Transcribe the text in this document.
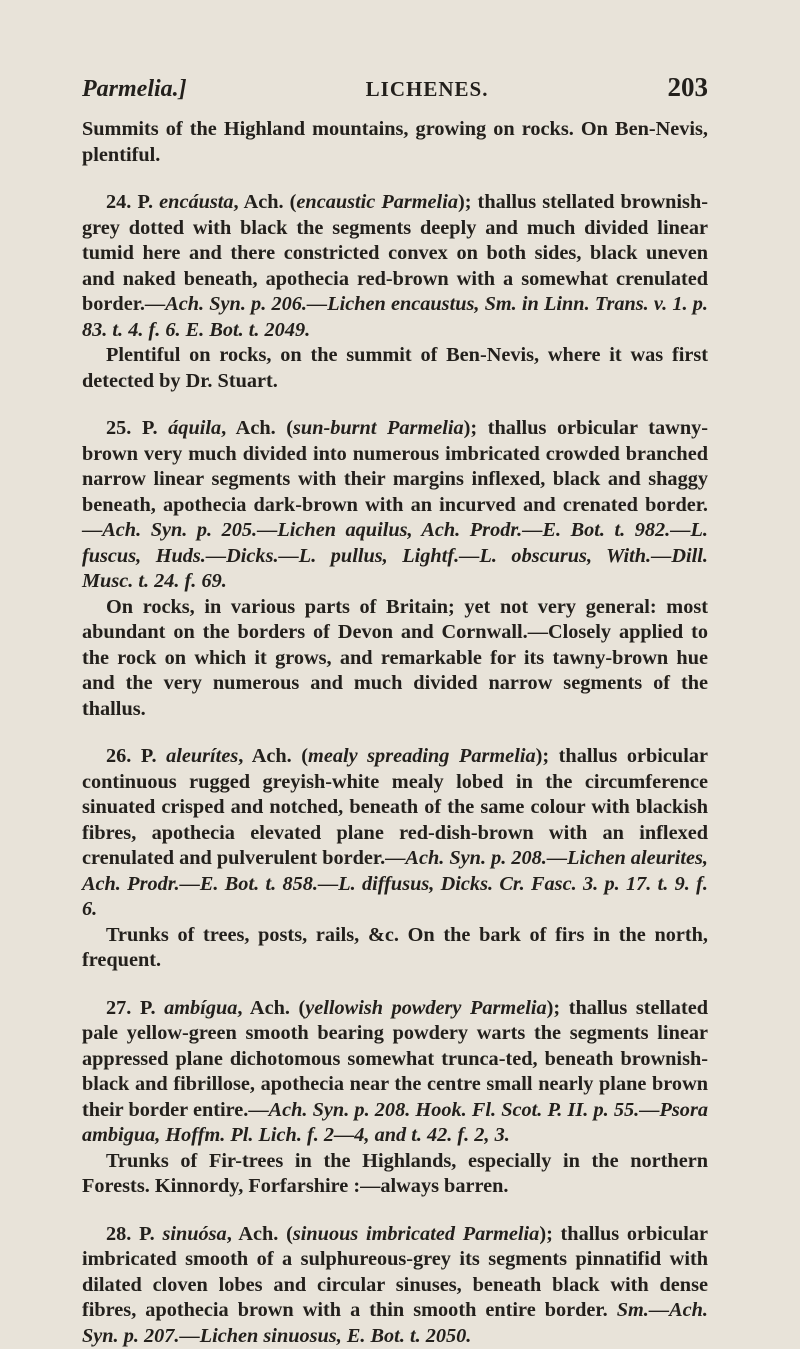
Parmelia.]	LICHENES.	203

Summits of the Highland mountains, growing on rocks. On Ben-Nevis, plentiful.

24. P. encáusta, Ach. (encaustic Parmelia); thallus stellated brownish-grey dotted with black the segments deeply and much divided linear tumid here and there constricted convex on both sides, black uneven and naked beneath, apothecia red-brown with a somewhat crenulated border.—Ach. Syn. p. 206.—Lichen encaustus, Sm. in Linn. Trans. v. 1. p. 83. t. 4. f. 6. E. Bot. t. 2049.

Plentiful on rocks, on the summit of Ben-Nevis, where it was first detected by Dr. Stuart.

25. P. áquila, Ach. (sun-burnt Parmelia); thallus orbicular tawny-brown very much divided into numerous imbricated crowded branched narrow linear segments with their margins inflexed, black and shaggy beneath, apothecia dark-brown with an incurved and crenated border.—Ach. Syn. p. 205.—Lichen aquilus, Ach. Prodr.—E. Bot. t. 982.—L. fuscus, Huds.—Dicks.—L. pullus, Lightf.—L. obscurus, With.—Dill. Musc. t. 24. f. 69.

On rocks, in various parts of Britain; yet not very general: most abundant on the borders of Devon and Cornwall.—Closely applied to the rock on which it grows, and remarkable for its tawny-brown hue and the very numerous and much divided narrow segments of the thallus.

26. P. aleurítes, Ach. (mealy spreading Parmelia); thallus orbicular continuous rugged greyish-white mealy lobed in the circumference sinuated crisped and notched, beneath of the same colour with blackish fibres, apothecia elevated plane red-dish-brown with an inflexed crenulated and pulverulent border.—Ach. Syn. p. 208.—Lichen aleurites, Ach. Prodr.—E. Bot. t. 858.—L. diffusus, Dicks. Cr. Fasc. 3. p. 17. t. 9. f. 6.

Trunks of trees, posts, rails, &c. On the bark of firs in the north, frequent.

27. P. ambígua, Ach. (yellowish powdery Parmelia); thallus stellated pale yellow-green smooth bearing powdery warts the segments linear appressed plane dichotomous somewhat trunca-ted, beneath brownish-black and fibrillose, apothecia near the centre small nearly plane brown their border entire.—Ach. Syn. p. 208. Hook. Fl. Scot. P. II. p. 55.—Psora ambigua, Hoffm. Pl. Lich. f. 2—4, and t. 42. f. 2, 3.

Trunks of Fir-trees in the Highlands, especially in the northern Forests. Kinnordy, Forfarshire :—always barren.

28. P. sinuósa, Ach. (sinuous imbricated Parmelia); thallus orbicular imbricated smooth of a sulphureous-grey its segments pinnatifid with dilated cloven lobes and circular sinuses, beneath black with dense fibres, apothecia brown with a thin smooth entire border. Sm.—Ach. Syn. p. 207.—Lichen sinuosus, E. Bot. t. 2050.
